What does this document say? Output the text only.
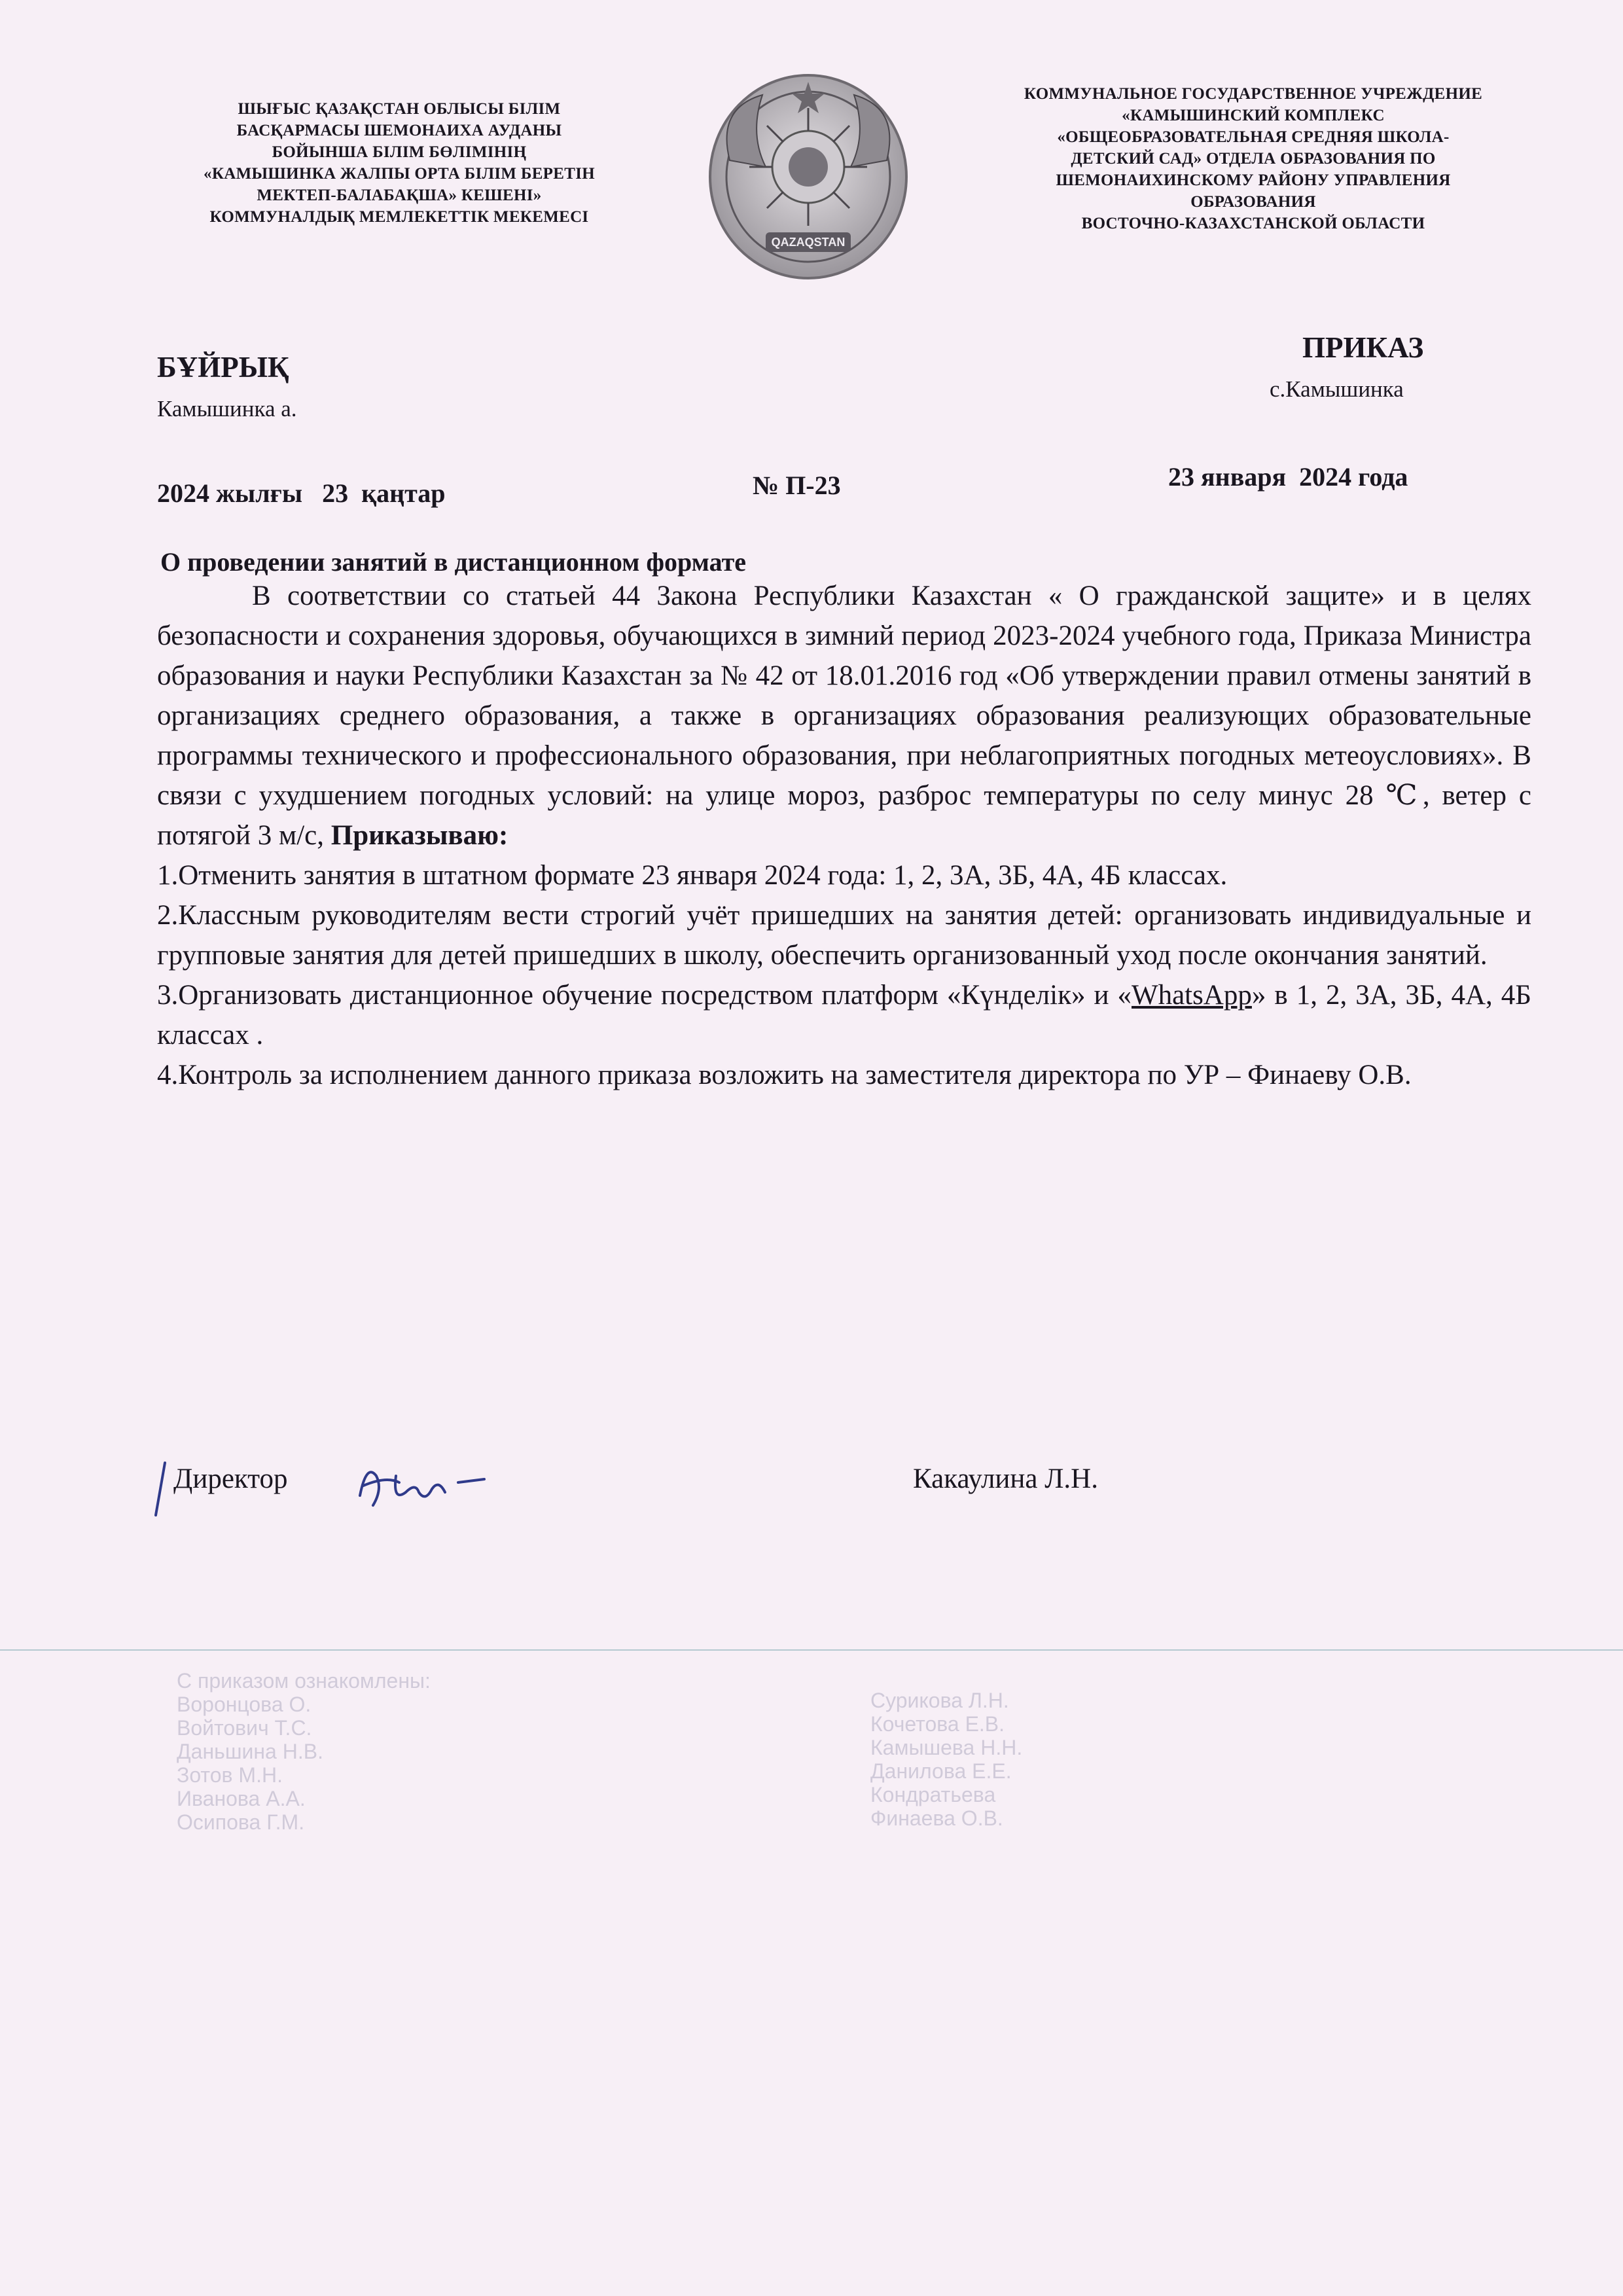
ШЫҒЫС ҚАЗАҚСТАН ОБЛЫСЫ БІЛІМ
БАСҚАРМАСЫ ШЕМОНАИХА АУДАНЫ
БОЙЫНША БІЛІМ БӨЛІМІНІҢ
«КАМЫШИНКА ЖАЛПЫ ОРТА БІЛІМ БЕРЕТІН
МЕКТЕП-БАЛАБАҚША» КЕШЕНІ»
КОММУНАЛДЫҚ МЕМЛЕКЕТТІК МЕКЕМЕСІ
QAZAQSTAN
КОММУНАЛЬНОЕ ГОСУДАРСТВЕННОЕ УЧРЕЖДЕНИЕ
«КАМЫШИНСКИЙ КОМПЛЕКС
«ОБЩЕОБРАЗОВАТЕЛЬНАЯ СРЕДНЯЯ ШКОЛА-
ДЕТСКИЙ САД» ОТДЕЛА ОБРАЗОВАНИЯ ПО
ШЕМОНАИХИНСКОМУ РАЙОНУ УПРАВЛЕНИЯ
ОБРАЗОВАНИЯ
ВОСТОЧНО-КАЗАХСТАНСКОЙ ОБЛАСТИ
БҰЙРЫҚ
Камышинка а.
ПРИКАЗ
с.Камышинка
2024 жылғы   23  қаңтар	№ П-23	23 января  2024 года
О проведении занятий в дистанционном формате

В соответствии со статьей 44 Закона Республики Казахстан « О гражданской защите» и в целях безопасности и сохранения здоровья, обучающихся в зимний период 2023-2024 учебного года, Приказа Министра образования и науки Республики Казахстан за № 42 от 18.01.2016 год «Об утверждении правил отмены занятий в организациях среднего образования, а также в организациях образования реализующих образовательные программы технического и профессионального образования, при неблагоприятных погодных метеоусловиях». В связи с ухудшением погодных условий: на улице мороз, разброс температуры по селу минус 28 ℃, ветер с потягой 3 м/с, Приказываю:

1.Отменить занятия в штатном формате 23 января 2024 года: 1, 2, 3А, 3Б, 4А, 4Б классах.

2.Классным руководителям вести строгий учёт пришедших на занятия детей: организовать индивидуальные и групповые занятия для детей пришедших в школу, обеспечить организованный уход после окончания занятий.

3.Организовать дистанционное обучение посредством платформ «Күнделік» и «WhatsApp» в 1, 2, 3А, 3Б, 4А, 4Б классах .

4.Контроль за исполнением данного приказа возложить на заместителя директора по УР – Финаеву О.В.

Директор	Какаулина Л.Н.
С приказом ознакомлены:
Воронцова О.
Войтович Т.С.
Даньшина Н.В.
Зотов М.Н.
Иванова А.А.
Осипова Г.М.
Сурикова Л.Н.
Кочетова Е.В.
Камышева Н.Н.
Данилова Е.Е.
Кондратьева
Финаева О.В.
